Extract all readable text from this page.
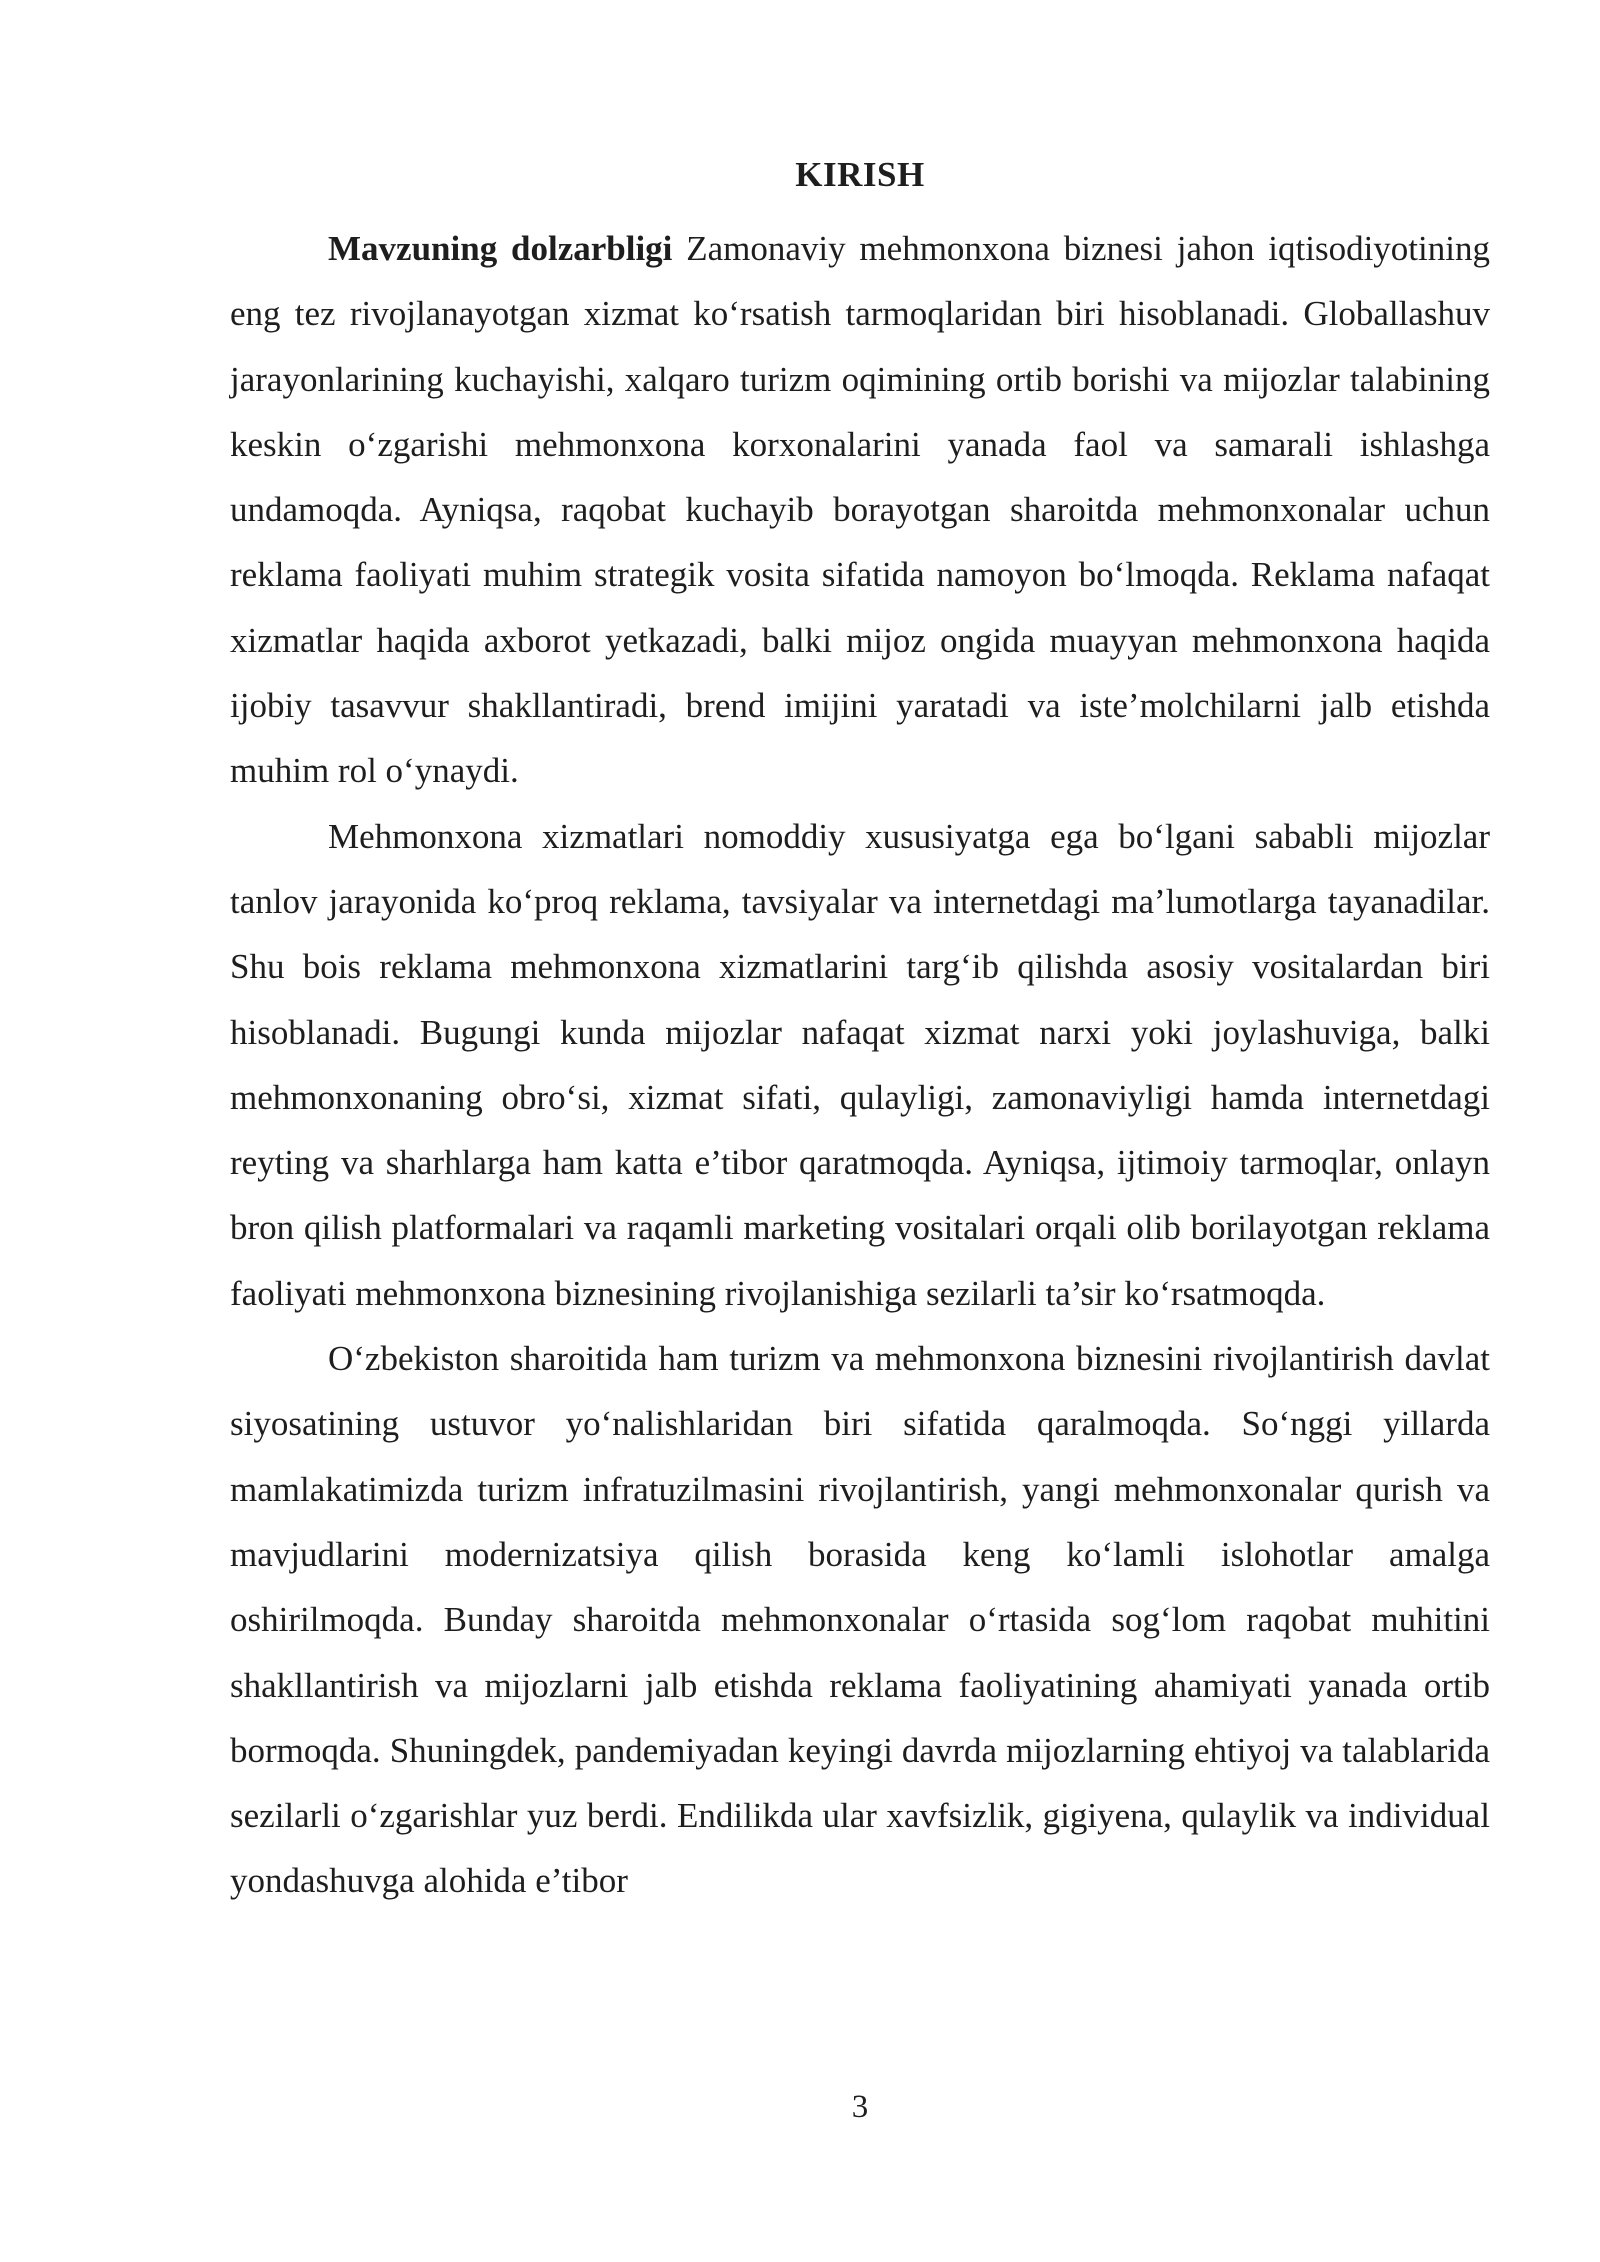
KIRISH

Mavzuning dolzarbligi Zamonaviy mehmonxona biznesi jahon iqtisodiyotining eng tez rivojlanayotgan xizmat ko‘rsatish tarmoqlaridan biri hisoblanadi. Globallashuv jarayonlarining kuchayishi, xalqaro turizm oqimining ortib borishi va mijozlar talabining keskin o‘zgarishi mehmonxona korxonalarini yanada faol va samarali ishlashga undamoqda. Ayniqsa, raqobat kuchayib borayotgan sharoitda mehmonxonalar uchun reklama faoliyati muhim strategik vosita sifatida namoyon bo‘lmoqda. Reklama nafaqat xizmatlar haqida axborot yetkazadi, balki mijoz ongida muayyan mehmonxona haqida ijobiy tasavvur shakllantiradi, brend imijini yaratadi va iste’molchilarni jalb etishda muhim rol o‘ynaydi.

Mehmonxona xizmatlari nomoddiy xususiyatga ega bo‘lgani sababli mijozlar tanlov jarayonida ko‘proq reklama, tavsiyalar va internetdagi ma’lumotlarga tayanadilar. Shu bois reklama mehmonxona xizmatlarini targ‘ib qilishda asosiy vositalardan biri hisoblanadi. Bugungi kunda mijozlar nafaqat xizmat narxi yoki joylashuviga, balki mehmonxonaning obro‘si, xizmat sifati, qulayligi, zamonaviyligi hamda internetdagi reyting va sharhlarga ham katta e’tibor qaratmoqda. Ayniqsa, ijtimoiy tarmoqlar, onlayn bron qilish platformalari va raqamli marketing vositalari orqali olib borilayotgan reklama faoliyati mehmonxona biznesining rivojlanishiga sezilarli ta’sir ko‘rsatmoqda.

O‘zbekiston sharoitida ham turizm va mehmonxona biznesini rivojlantirish davlat siyosatining ustuvor yo‘nalishlaridan biri sifatida qaralmoqda. So‘nggi yillarda mamlakatimizda turizm infratuzilmasini rivojlantirish, yangi mehmonxonalar qurish va mavjudlarini modernizatsiya qilish borasida keng ko‘lamli islohotlar amalga oshirilmoqda. Bunday sharoitda mehmonxonalar o‘rtasida sog‘lom raqobat muhitini shakllantirish va mijozlarni jalb etishda reklama faoliyatining ahamiyati yanada ortib bormoqda. Shuningdek, pandemiyadan keyingi davrda mijozlarning ehtiyoj va talablarida sezilarli o‘zgarishlar yuz berdi. Endilikda ular xavfsizlik, gigiyena, qulaylik va individual yondashuvga alohida e’tibor

3
